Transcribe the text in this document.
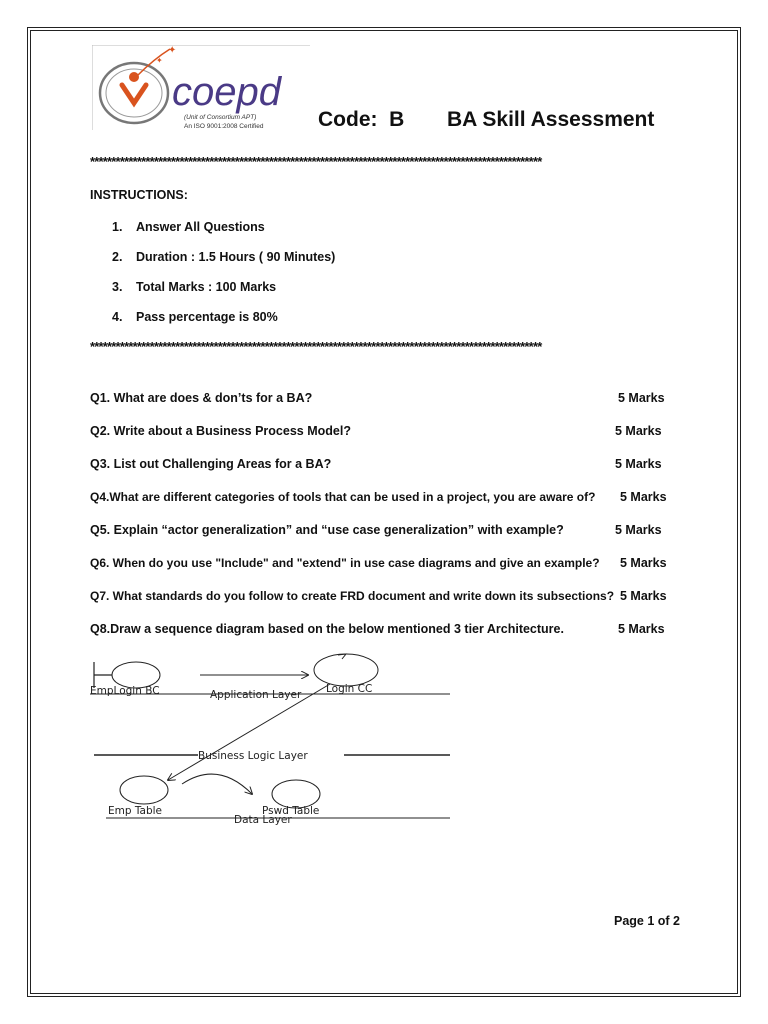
✦
✦
coepd
(Unit of Consortium APT)
An ISO 9001:2008 Certified	Code:  B BA Skill Assessment
**********************************************************************************************************
INSTRUCTIONS:
1. Answer All Questions
2. Duration : 1.5 Hours ( 90 Minutes)
3. Total Marks : 100 Marks
4. Pass percentage is 80%
**********************************************************************************************************
Q1. What are does & don’ts for a BA?	5 Marks
Q2. Write about a Business Process Model?	5 Marks
Q3. List out Challenging Areas for a BA?	5 Marks
Q4.What are different categories of tools that can be used in a project, you are aware of? 5 Marks
Q5. Explain “actor generalization” and “use case generalization” with example?	5 Marks
Q6. When do you use "Include" and "extend" in use case diagrams and give an example? 5 Marks
Q7. What standards do you follow to create FRD document and write down its subsections? 5 Marks
Q8.Draw a sequence diagram based on the below mentioned 3 tier Architecture.	5 Marks
EmpLogin BC	Login CC
Application Layer
Business Logic Layer
Emp Table	Pswd Table
Data Layer
Page 1 of 2
